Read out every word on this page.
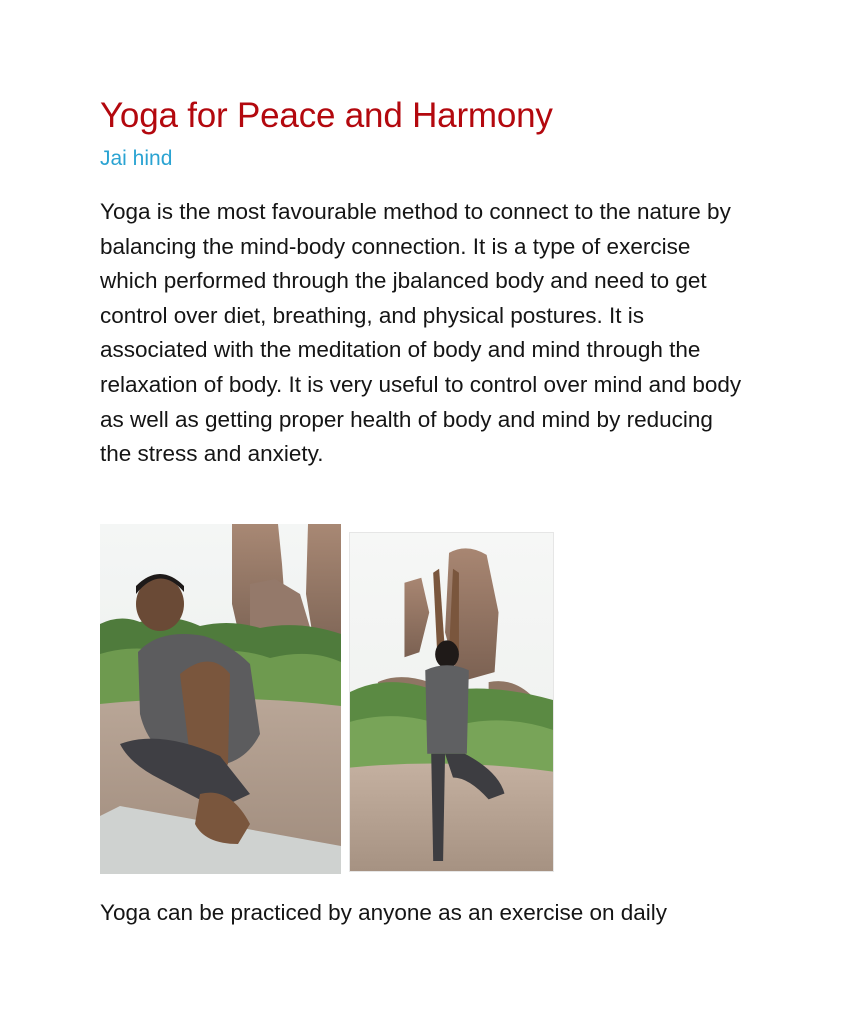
Yoga for Peace and Harmony
Jai hind

Yoga is the most favourable method to connect to the nature by balancing the mind-body connection. It is a type of exercise which performed through the jbalanced body and need to get control over diet, breathing, and physical postures. It is associated with the meditation of body and mind through the relaxation of body. It is very useful to control over mind and body as well as getting proper health of body and mind by reducing the stress and anxiety.

Yoga can be practiced by anyone as an exercise on daily
